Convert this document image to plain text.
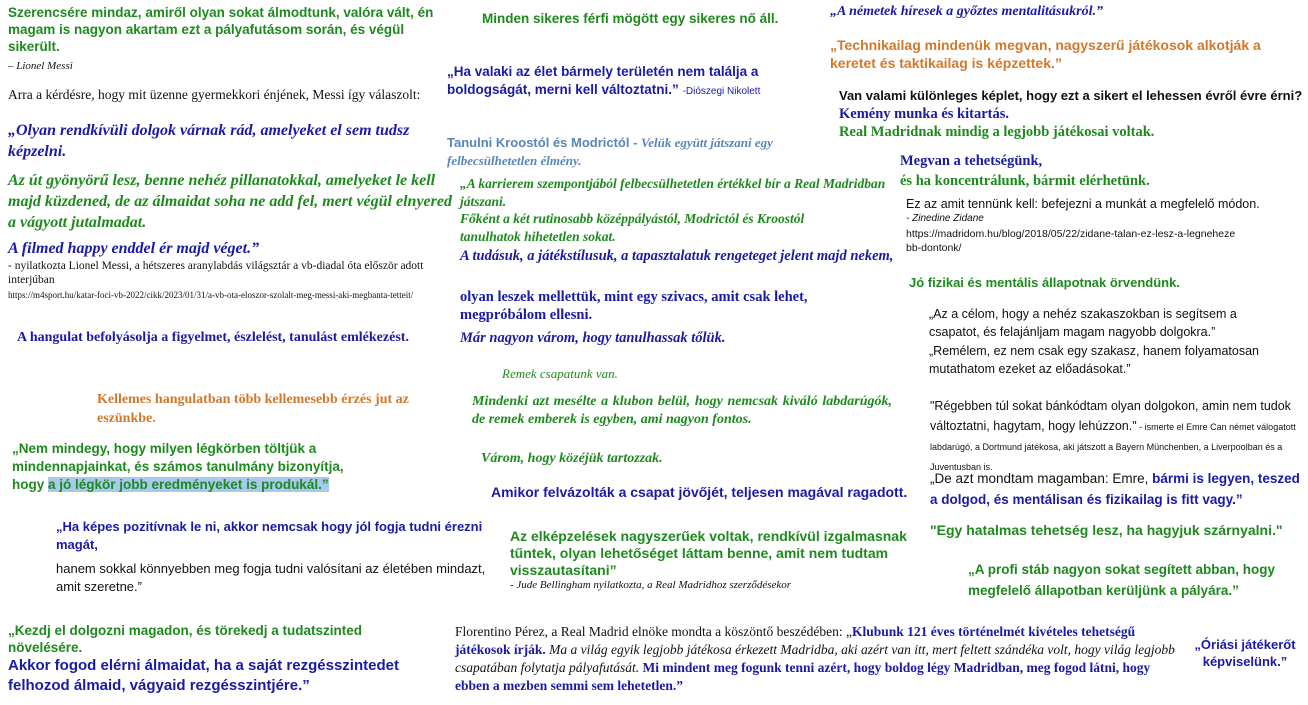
Szerencsére mindaz, amiről olyan sokat álmodtunk, valóra vált, én magam is nagyon akartam ezt a pályafutásom során, és végül sikerült.
– Lionel Messi
Arra a kérdésre, hogy mit üzenne gyermekkori énjének, Messi így válaszolt:
„Olyan rendkívüli dolgok várnak rád, amelyeket el sem tudsz képzelni.
Az út gyönyörű lesz, benne nehéz pillanatokkal, amelyeket le kell majd küzdened, de az álmaidat soha ne add fel, mert végül elnyered a vágyott jutalmadat.
A filmed happy enddel ér majd véget.”
- nyilatkozta Lionel Messi, a hétszeres aranylabdás világsztár a vb-diadal óta először adott interjúban
https://m4sport.hu/katar-foci-vb-2022/cikk/2023/01/31/a-vb-ota-eloszor-szolalt-meg-messi-aki-megbanta-tetteit/
A hangulat befolyásolja a figyelmet, észlelést, tanulást emlékezést.
Kellemes hangulatban több kellemesebb érzés jut az eszünkbe.
„Nem mindegy, hogy milyen légkörben töltjük a mindennapjainkat, és számos tanulmány bizonyítja, hogy a jó légkör jobb eredményeket is produkál.”
„Ha képes pozitívnak le ni, akkor nemcsak hogy jól fogja tudni érezni magát,
hanem sokkal könnyebben meg fogja tudni valósítani az életében mindazt, amit szeretne.”
„Kezdj el dolgozni magadon, és törekedj a tudatszinted növelésére.
Akkor fogod elérni álmaidat, ha a saját rezgésszintedet felhozod álmaid, vágyaid rezgésszintjére.”
Minden sikeres férfi mögött egy sikeres nő áll.
„Ha valaki az élet bármely területén nem találja a boldogságát, merni kell változtatni.” -Diószegi Nikolett
Tanulni Kroostól és Modrictól - Velük együtt játszani egy felbecsülhetetlen élmény.
„A karrierem szempontjából felbecsülhetetlen értékkel bír a Real Madridban játszani.
Főként a két rutinosabb középpályástól, Modrictól és Kroostól tanulhatok hihetetlen sokat.
A tudásuk, a játékstílusuk, a tapasztalatuk rengeteget jelent majd nekem,
olyan leszek mellettük, mint egy szivacs, amit csak lehet, megpróbálom ellesni.
Már nagyon várom, hogy tanulhassak tőlük.
Remek csapatunk van.
Mindenki azt mesélte a klubon belül, hogy nemcsak kiváló labdarúgók, de remek emberek is egyben, ami nagyon fontos.
Várom, hogy közéjük tartozzak.
Amikor felvázolták a csapat jövőjét, teljesen magával ragadott.
Az elképzelések nagyszerűek voltak, rendkívül izgalmasnak tűntek, olyan lehetőséget láttam benne, amit nem tudtam visszautasítani”
- Jude Bellingham nyilatkozta, a Real Madridhoz szerződésekor
Florentino Pérez, a Real Madrid elnöke mondta a köszöntő beszédében: „Klubunk 121 éves történelmét kivételes tehetségű játékosok írják. Ma a világ egyik legjobb játékosa érkezett Madridba, aki azért van itt, mert feltett szándéka volt, hogy világ legjobb csapatában folytatja pályafutását. Mi mindent meg fogunk tenni azért, hogy boldog légy Madridban, meg fogod látni, hogy ebben a mezben semmi sem lehetetlen.”
„A németek híresek a győztes mentalitásukról.”
„Technikailag mindenük megvan, nagyszerű játékosok alkotják a keretet és taktikailag is képzettek.”
Van valami különleges képlet, hogy ezt a sikert el lehessen évről évre érni?
Kemény munka és kitartás.
Real Madridnak mindig a legjobb játékosai voltak.
Megvan a tehetségünk,
és ha koncentrálunk, bármit elérhetünk.
Ez az amit tennünk kell: befejezni a munkát a megfelelő módon.
- Zinedine Zidane
https://madridom.hu/blog/2018/05/22/zidane-talan-ez-lesz-a-legnehezebb-dontonk/
Jó fizikai és mentális állapotnak örvendünk.
„Az a célom, hogy a nehéz szakaszokban is segítsem a csapatot, és felajánljam magam nagyobb dolgokra.”
„Remélem, ez nem csak egy szakasz, hanem folyamatosan mutathatom ezeket az előadásokat.”
"Régebben túl sokat bánkódtam olyan dolgokon, amin nem tudok változtatni, hagytam, hogy lehúzzon." - ismerte el Emre Can német válogatott labdarúgó, a Dortmund játékosa, aki játszott a Bayern Münchenben, a Liverpoolban és a Juventusban is.
„De azt mondtam magamban: Emre, bármi is legyen, teszed a dolgod, és mentálisan és fizikailag is fitt vagy.”
"Egy hatalmas tehetség lesz, ha hagyjuk szárnyalni."
„A profi stáb nagyon sokat segített abban, hogy megfelelő állapotban kerüljünk a pályára.”
„Óriási játékerőt képviselünk.”
